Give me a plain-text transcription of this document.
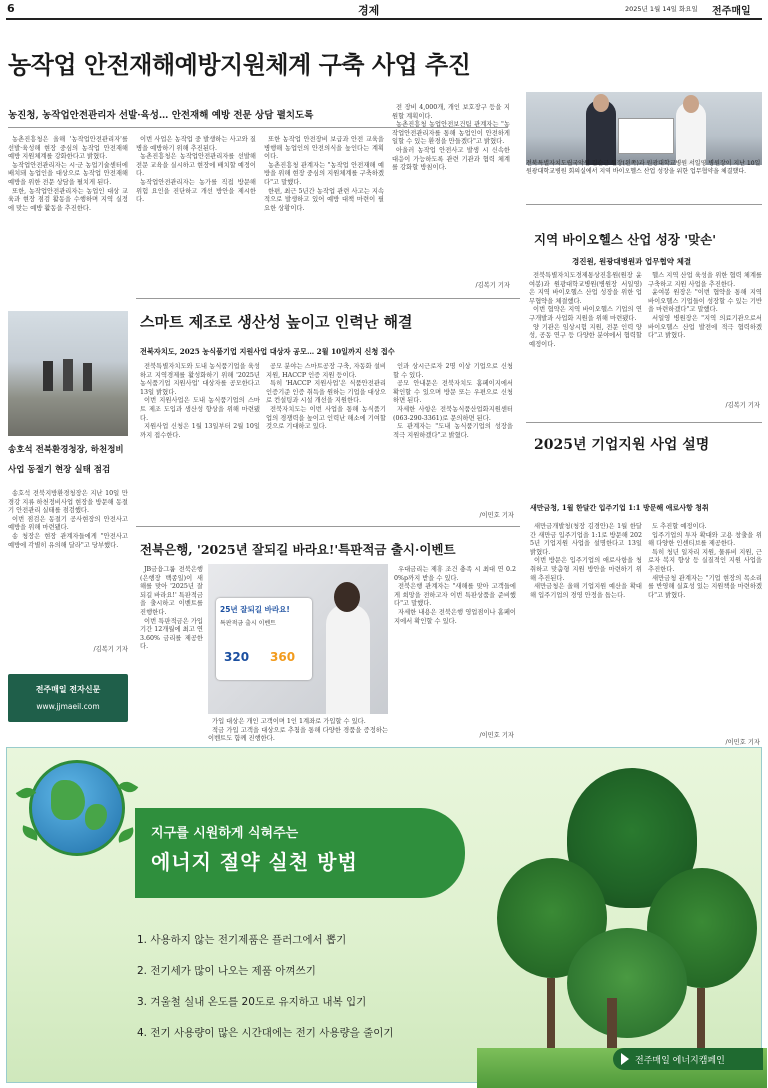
6	경제	2025년 1월 14일 화요일 전주매일
농작업 안전재해예방지원체계 구축 사업 추진
농진청, 농작업안전관리자 선발·육성… 안전재해 예방 전문 상담 펼치도록

농촌진흥청은 올해 '농작업안전관리자'를 선발·육성해 현장 중심의 농작업 안전재해 예방 지원체계를 강화한다고 밝혔다.

농작업안전관리자는 시·군 농업기술센터에 배치돼 농업인을 대상으로 농작업 안전재해 예방을 위한 전문 상담을 펼치게 된다.

또한, 농작업안전관리자는 농업인 대상 교육과 현장 점검 활동을 수행하며 지역 실정에 맞는 예방 활동을 추진한다.

이번 사업은 농작업 중 발생하는 사고와 질병을 예방하기 위해 추진된다.

농촌진흥청은 농작업안전관리자를 선발해 전문 교육을 실시하고 현장에 배치할 예정이다.

농작업안전관리자는 농가를 직접 방문해 위험 요인을 진단하고 개선 방안을 제시한다.

또한 농작업 안전장비 보급과 안전 교육을 병행해 농업인의 안전의식을 높인다는 계획이다.

농촌진흥청 관계자는 "농작업 안전재해 예방을 위해 현장 중심의 지원체계를 구축하겠다"고 말했다.

한편, 최근 5년간 농작업 관련 사고는 지속적으로 발생하고 있어 예방 대책 마련이 필요한 상황이다.

전 장비 4,000개, 개인 보호장구 등을 지원할 계획이다.

농촌진흥청 농업안전보건팀 관계자는 "농작업안전관리자를 통해 농업인이 안전하게 일할 수 있는 환경을 만들겠다"고 밝혔다.

아울러 농작업 안전사고 발생 시 신속한 대응이 가능하도록 관련 기관과 협력 체계를 강화할 방침이다.

/김복기 기자
전북특별자치도립국악원 김순근 원장(왼쪽)과 원광대학교병원 서일영 병원장이 지난 10일 원광대학교병원 회의실에서 지역 바이오헬스 산업 성장을 위한 업무협약을 체결했다.
지역 바이오헬스 산업 성장 '맞손'
경진원, 원광대병원과 업무협약 체결

전북특별자치도경제통상진흥원(원장 윤여봉)과 원광대학교병원(병원장 서일영)은 지역 바이오헬스 산업 성장을 위한 업무협약을 체결했다.

이번 협약은 지역 바이오헬스 기업의 연구개발과 사업화 지원을 위해 마련됐다.

양 기관은 임상시험 지원, 전문 인력 양성, 공동 연구 등 다양한 분야에서 협력할 예정이다.

헬스 지역 산업 육성을 위한 협력 체계를 구축하고 지원 사업을 추진한다.

윤여봉 원장은 "이번 협약을 통해 지역 바이오헬스 기업들이 성장할 수 있는 기반을 마련하겠다"고 말했다.

서일영 병원장은 "지역 의료기관으로서 바이오헬스 산업 발전에 적극 협력하겠다"고 밝혔다.

/김복기 기자
스마트 제조로 생산성 높이고 인력난 해결
전북자치도, 2025 농식품기업 지원사업 대상자 공모… 2월 10일까지 신청 접수

전북특별자치도와 도내 농식품기업을 육성하고 지역경제를 활성화하기 위해 '2025년 농식품기업 지원사업' 대상자를 공모한다고 13일 밝혔다.

이번 지원사업은 도내 농식품기업의 스마트 제조 도입과 생산성 향상을 위해 마련됐다.

지원사업 신청은 1월 13일부터 2월 10일까지 접수한다.

공모 분야는 스마트공장 구축, 자동화 설비 지원, HACCP 인증 지원 등이다.

특히 'HACCP 지원사업'은 식품안전관리인증기준 인증 취득을 원하는 기업을 대상으로 컨설팅과 시설 개선을 지원한다.

전북자치도는 이번 사업을 통해 농식품기업의 경쟁력을 높이고 인력난 해소에 기여할 것으로 기대하고 있다.

인과 상시근로자 2명 이상 기업으로 신청할 수 있다.

공모 안내문은 전북자치도 홈페이지에서 확인할 수 있으며 방문 또는 우편으로 신청하면 된다.

자세한 사항은 전북농식품산업화지원센터(063-290-3361)로 문의하면 된다.

도 관계자는 "도내 농식품기업의 성장을 적극 지원하겠다"고 밝혔다.

/이민호 기자
송호석 전북환경청장, 하천정비 사업 동절기 현장 실태 점검

송호석 전북지방환경청장은 지난 10일 만경강 지류 하천정비사업 현장을 방문해 동절기 안전관리 실태를 점검했다.

이번 점검은 동절기 공사현장의 안전사고 예방을 위해 마련됐다.

송 청장은 현장 관계자들에게 "안전사고 예방에 각별히 유의해 달라"고 당부했다.

/김복기 기자
전주매일 전자신문
www.jjmaeil.com
전북은행, '2025년 잘되길 바라요!'특판적금 출시·이벤트

JB금융그룹 전북은행(은행장 백종일)이 새해를 맞아 '2025년 잘되길 바라요!' 특판적금을 출시하고 이벤트를 진행한다.

이번 특판적금은 가입 기간 12개월에 최고 연 3.60% 금리를 제공한다.

25년 잘되길 바라요!
특판적금 출시 이벤트
320 360

가입 대상은 개인 고객이며 1인 1계좌로 가입할 수 있다.

적금 가입 고객을 대상으로 추첨을 통해 다양한 경품을 증정하는 이벤트도 함께 진행한다.

우대금리는 제휴 조건 충족 시 최대 연 0.20%p까지 받을 수 있다.

전북은행 관계자는 "새해를 맞아 고객들에게 희망을 전하고자 이번 특판상품을 준비했다"고 말했다.

자세한 내용은 전북은행 영업점이나 홈페이지에서 확인할 수 있다.

/이민호 기자
2025년 기업지원 사업 설명
새만금청, 1월 한달간 입주기업 1:1 방문해 애로사항 청취

새만금개발청(청장 김경안)은 1월 한달간 새만금 입주기업을 1:1로 방문해 2025년 기업지원 사업을 설명한다고 13일 밝혔다.

이번 방문은 입주기업의 애로사항을 청취하고 맞춤형 지원 방안을 마련하기 위해 추진된다.

새만금청은 올해 기업지원 예산을 확대해 입주기업의 경영 안정을 돕는다.

도 추진할 예정이다.

입주기업의 투자 확대와 고용 창출을 위해 다양한 인센티브를 제공한다.

특히 청년 일자리 지원, 물류비 지원, 근로자 복지 향상 등 실질적인 지원 사업을 추진한다.

새만금청 관계자는 "기업 현장의 목소리를 반영해 실효성 있는 지원책을 마련하겠다"고 밝혔다.

/이민호 기자
지구를 시원하게 식혀주는
에너지 절약 실천 방법
1. 사용하지 않는 전기제품은 플러그에서 뽑기
2. 전기세가 많이 나오는 제품 아껴쓰기
3. 겨울철 실내 온도를 20도로 유지하고 내복 입기
4. 전기 사용량이 많은 시간대에는 전기 사용량을 줄이기
전주매일 에너지캠페인
